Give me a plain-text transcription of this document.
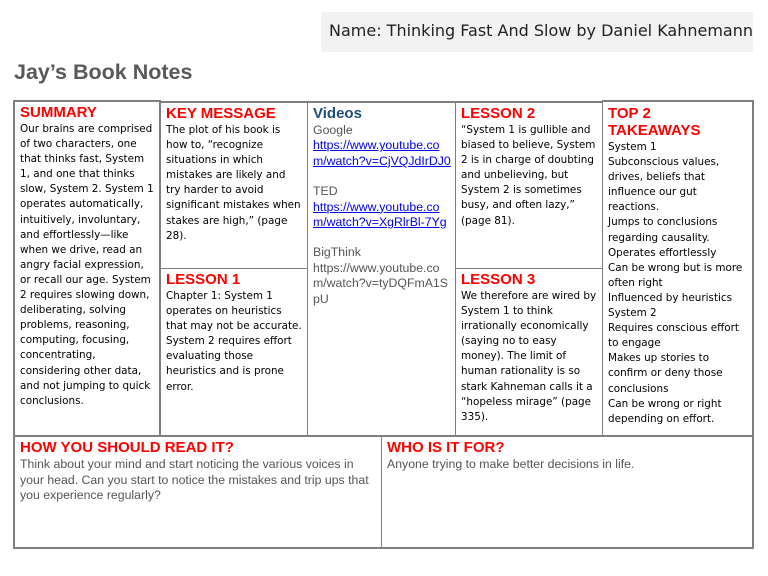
Name: Thinking Fast And Slow by Daniel Kahnemann
Jay’s Book Notes
SUMMARY
Our brains are comprised of two characters, one that thinks fast, System 1, and one that thinks slow, System 2. System 1 operates automatically, intuitively, involuntary, and effortlessly—like when we drive, read an angry facial expression, or recall our age. System 2 requires slowing down, deliberating, solving problems, reasoning, computing, focusing, concentrating, considering other data, and not jumping to quick conclusions.
KEY MESSAGE
The plot of his book is how to, “recognize situations in which mistakes are likely and try harder to avoid significant mistakes when stakes are high,” (page 28).
LESSON 1
Chapter 1: System 1 operates on heuristics that may not be accurate. System 2 requires effort evaluating those heuristics and is prone error.
Videos
Google
https://www.youtube.com/watch?v=CjVQJdIrDJ0
TED
https://www.youtube.com/watch?v=XgRlrBl-7Yg
BigThink
https://www.youtube.com/watch?v=tyDQFmA1SpU
LESSON 2
“System 1 is gullible and biased to believe, System 2 is in charge of doubting and unbelieving, but System 2 is sometimes busy, and often lazy,” (page 81).
LESSON 3
We therefore are wired by System 1 to think irrationally economically (saying no to easy money). The limit of human rationality is so stark Kahneman calls it a “hopeless mirage” (page 335).
TOP 2
TAKEAWAYS
System 1
Subconscious values, drives, beliefs that influence our gut reactions.
Jumps to conclusions regarding causality.
Operates effortlessly
Can be wrong but is more often right
Influenced by heuristics
System 2
Requires conscious effort to engage
Makes up stories to confirm or deny those conclusions
Can be wrong or right depending on effort.
HOW YOU SHOULD READ IT?
Think about your mind and start noticing the various voices in your head. Can you start to notice the mistakes and trip ups that you experience regularly?
WHO IS IT FOR?
Anyone trying to make better decisions in life.
